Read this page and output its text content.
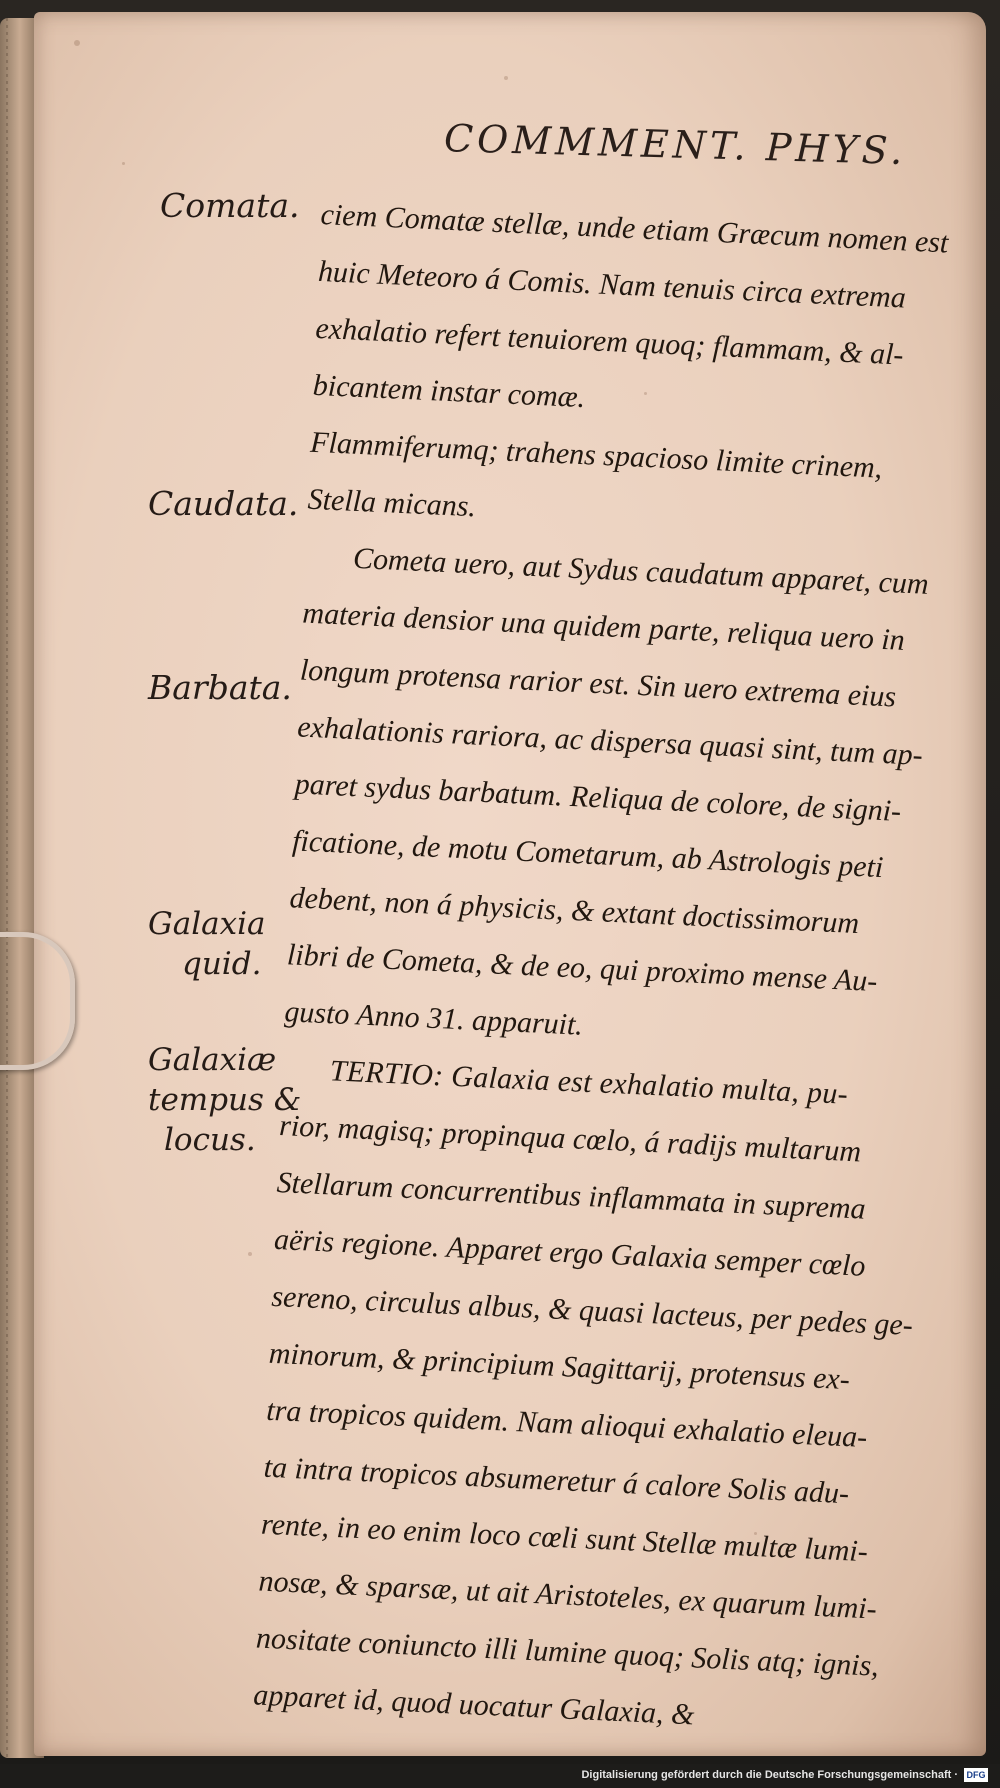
COMMMENT. PHYS.
Comata.
Caudata.
Barbata.
Galaxia
quid.
Galaxiæ
tempus &
locus.
ciem Comatæ stellæ, unde etiam Græcum nomen est
huic Meteoro á Comis. Nam tenuis circa extrema
exhalatio refert tenuiorem quoq; flammam, & al-
bicantem instar comæ.
Flammiferumq; trahens spacioso limite crinem,
Stella micans.
Cometa uero, aut Sydus caudatum apparet, cum
materia densior una quidem parte, reliqua uero in
longum protensa rarior est. Sin uero extrema eius
exhalationis rariora, ac dispersa quasi sint, tum ap-
paret sydus barbatum. Reliqua de colore, de signi-
ficatione, de motu Cometarum, ab Astrologis peti
debent, non á physicis, & extant doctissimorum
libri de Cometa, & de eo, qui proximo mense Au-
gusto Anno 31. apparuit.
TERTIO: Galaxia est exhalatio multa, pu-
rior, magisq; propinqua cœlo, á radijs multarum
Stellarum concurrentibus inflammata in suprema
aëris regione. Apparet ergo Galaxia semper cœlo
sereno, circulus albus, & quasi lacteus, per pedes ge-
minorum, & principium Sagittarij, protensus ex-
tra tropicos quidem. Nam alioqui exhalatio eleua-
ta intra tropicos absumeretur á calore Solis adu-
rente, in eo enim loco cœli sunt Stellæ multæ lumi-
nosæ, & sparsæ, ut ait Aristoteles, ex quarum lumi-
nositate coniuncto illi lumine quoq; Solis atq; ignis,
apparet id, quod uocatur Galaxia, &
Digitalisierung gefördert durch die Deutsche Forschungsgemeinschaft · DFG
